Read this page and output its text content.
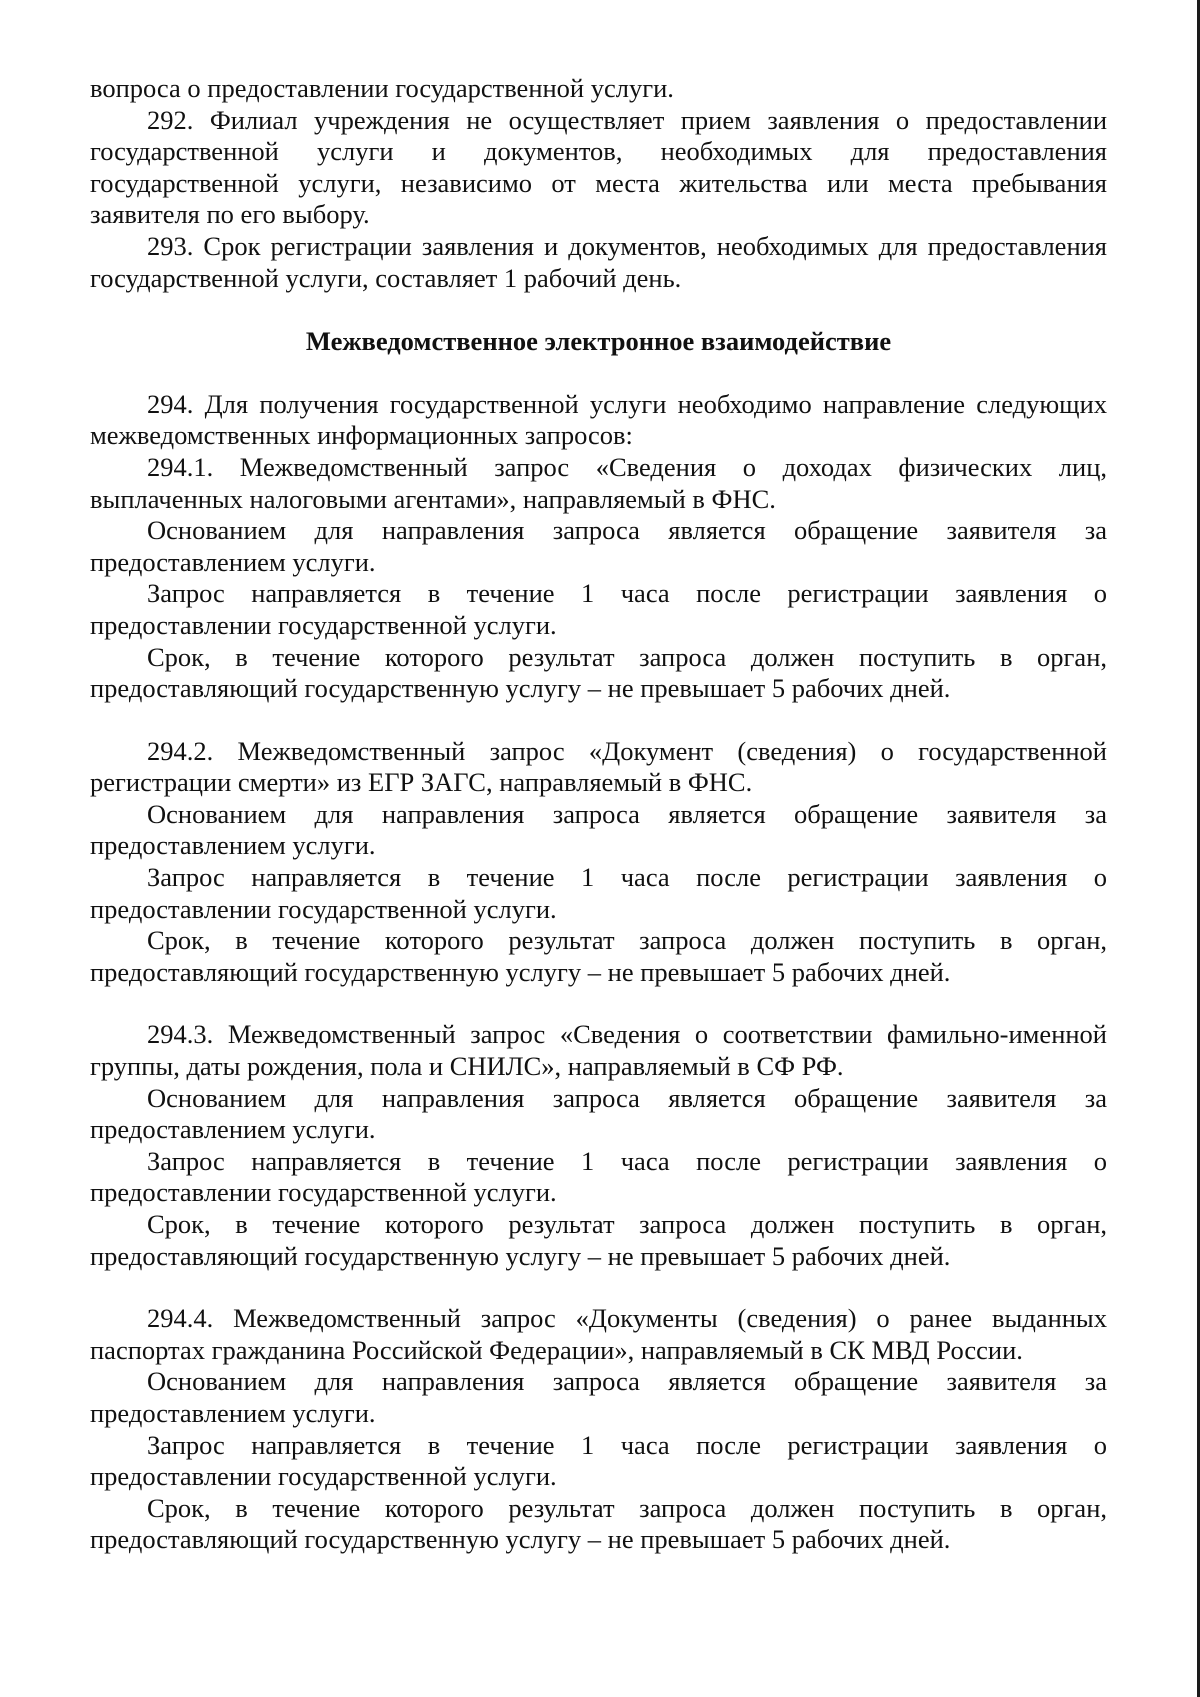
вопроса о предоставлении государственной услуги.

292. Филиал учреждения не осуществляет прием заявления о предоставлении государственной услуги и документов, необходимых для предоставления государственной услуги, независимо от места жительства или места пребывания заявителя по его выбору.

293. Срок регистрации заявления и документов, необходимых для предоставления государственной услуги, составляет 1 рабочий день.

Межведомственное электронное взаимодействие

294. Для получения государственной услуги необходимо направление следующих межведомственных информационных запросов:

294.1. Межведомственный запрос «Сведения о доходах физических лиц, выплаченных налоговыми агентами», направляемый в ФНС.

Основанием для направления запроса является обращение заявителя за предоставлением услуги.

Запрос направляется в течение 1 часа после регистрации заявления о предоставлении государственной услуги.

Срок, в течение которого результат запроса должен поступить в орган, предоставляющий государственную услугу – не превышает 5 рабочих дней.

294.2. Межведомственный запрос «Документ (сведения) о государственной регистрации смерти» из ЕГР ЗАГС, направляемый в ФНС.

Основанием для направления запроса является обращение заявителя за предоставлением услуги.

Запрос направляется в течение 1 часа после регистрации заявления о предоставлении государственной услуги.

Срок, в течение которого результат запроса должен поступить в орган, предоставляющий государственную услугу – не превышает 5 рабочих дней.

294.3. Межведомственный запрос «Сведения о соответствии фамильно-именной группы, даты рождения, пола и СНИЛС», направляемый в СФ РФ.

Основанием для направления запроса является обращение заявителя за предоставлением услуги.

Запрос направляется в течение 1 часа после регистрации заявления о предоставлении государственной услуги.

Срок, в течение которого результат запроса должен поступить в орган, предоставляющий государственную услугу – не превышает 5 рабочих дней.

294.4. Межведомственный запрос «Документы (сведения) о ранее выданных паспортах гражданина Российской Федерации», направляемый в СК МВД России.

Основанием для направления запроса является обращение заявителя за предоставлением услуги.

Запрос направляется в течение 1 часа после регистрации заявления о предоставлении государственной услуги.

Срок, в течение которого результат запроса должен поступить в орган, предоставляющий государственную услугу – не превышает 5 рабочих дней.
